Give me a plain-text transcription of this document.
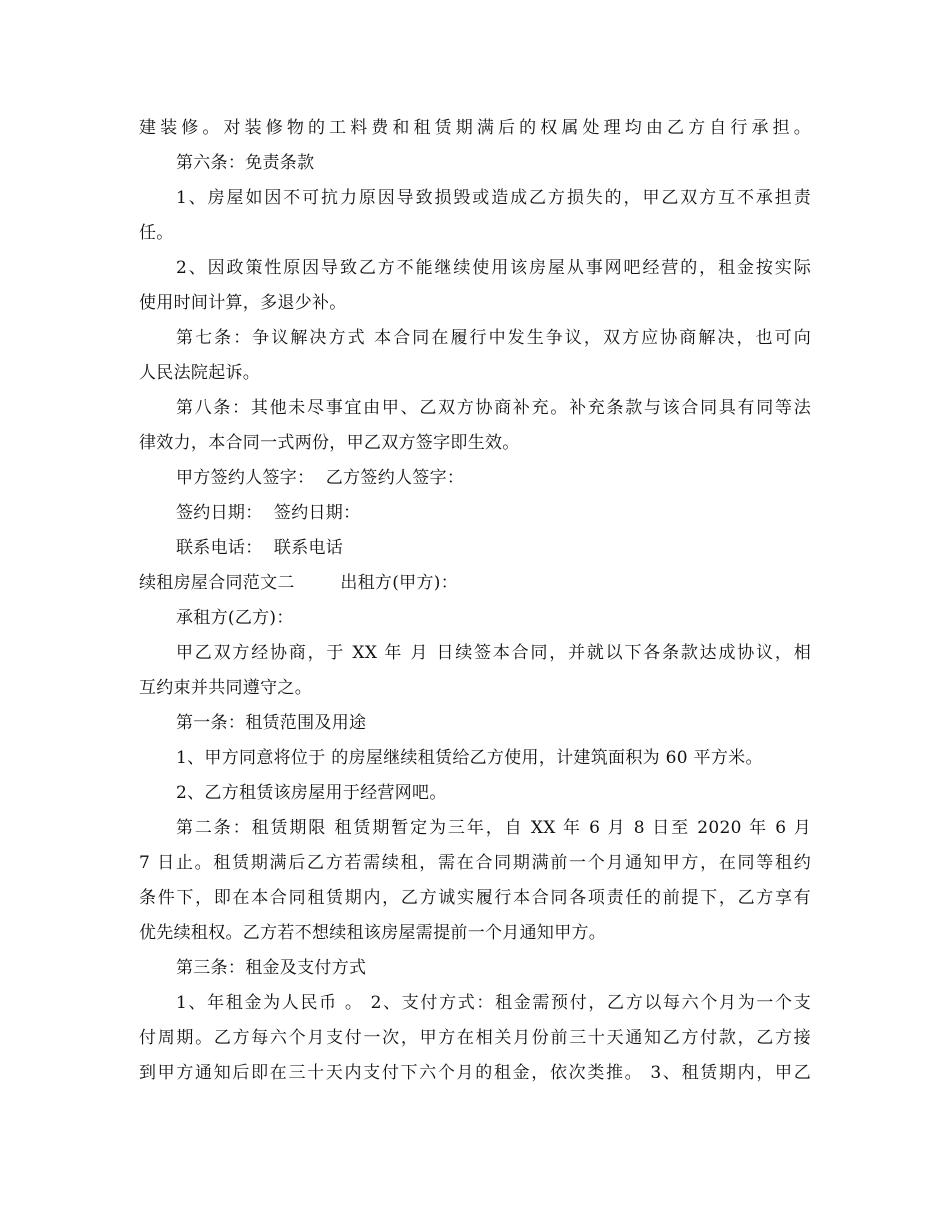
建装修。对装修物的工料费和租赁期满后的权属处理均由乙方自行承担。
第六条：免责条款
1、房屋如因不可抗力原因导致损毁或造成乙方损失的，甲乙双方互不承担责
任。
2、因政策性原因导致乙方不能继续使用该房屋从事网吧经营的，租金按实际
使用时间计算，多退少补。
第七条：争议解决方式 本合同在履行中发生争议，双方应协商解决，也可向
人民法院起诉。
第八条：其他未尽事宜由甲、乙双方协商补充。补充条款与该合同具有同等法
律效力，本合同一式两份，甲乙双方签字即生效。
甲方签约人签字：  乙方签约人签字：
签约日期：  签约日期：
联系电话：  联系电话
续租房屋合同范文二        出租方(甲方)：
承租方(乙方)：
甲乙双方经协商，于 XX 年 月 日续签本合同，并就以下各条款达成协议，相
互约束并共同遵守之。
第一条：租赁范围及用途
1、甲方同意将位于 的房屋继续租赁给乙方使用，计建筑面积为 60 平方米。
2、乙方租赁该房屋用于经营网吧。
第二条：租赁期限 租赁期暂定为三年，自 XX 年 6 月 8 日至 2020 年 6 月
7 日止。租赁期满后乙方若需续租，需在合同期满前一个月通知甲方，在同等租约
条件下，即在本合同租赁期内，乙方诚实履行本合同各项责任的前提下，乙方享有
优先续租权。乙方若不想续租该房屋需提前一个月通知甲方。
第三条：租金及支付方式
1、年租金为人民币 。 2、支付方式：租金需预付，乙方以每六个月为一个支
付周期。乙方每六个月支付一次，甲方在相关月份前三十天通知乙方付款，乙方接
到甲方通知后即在三十天内支付下六个月的租金，依次类推。 3、租赁期内，甲乙
